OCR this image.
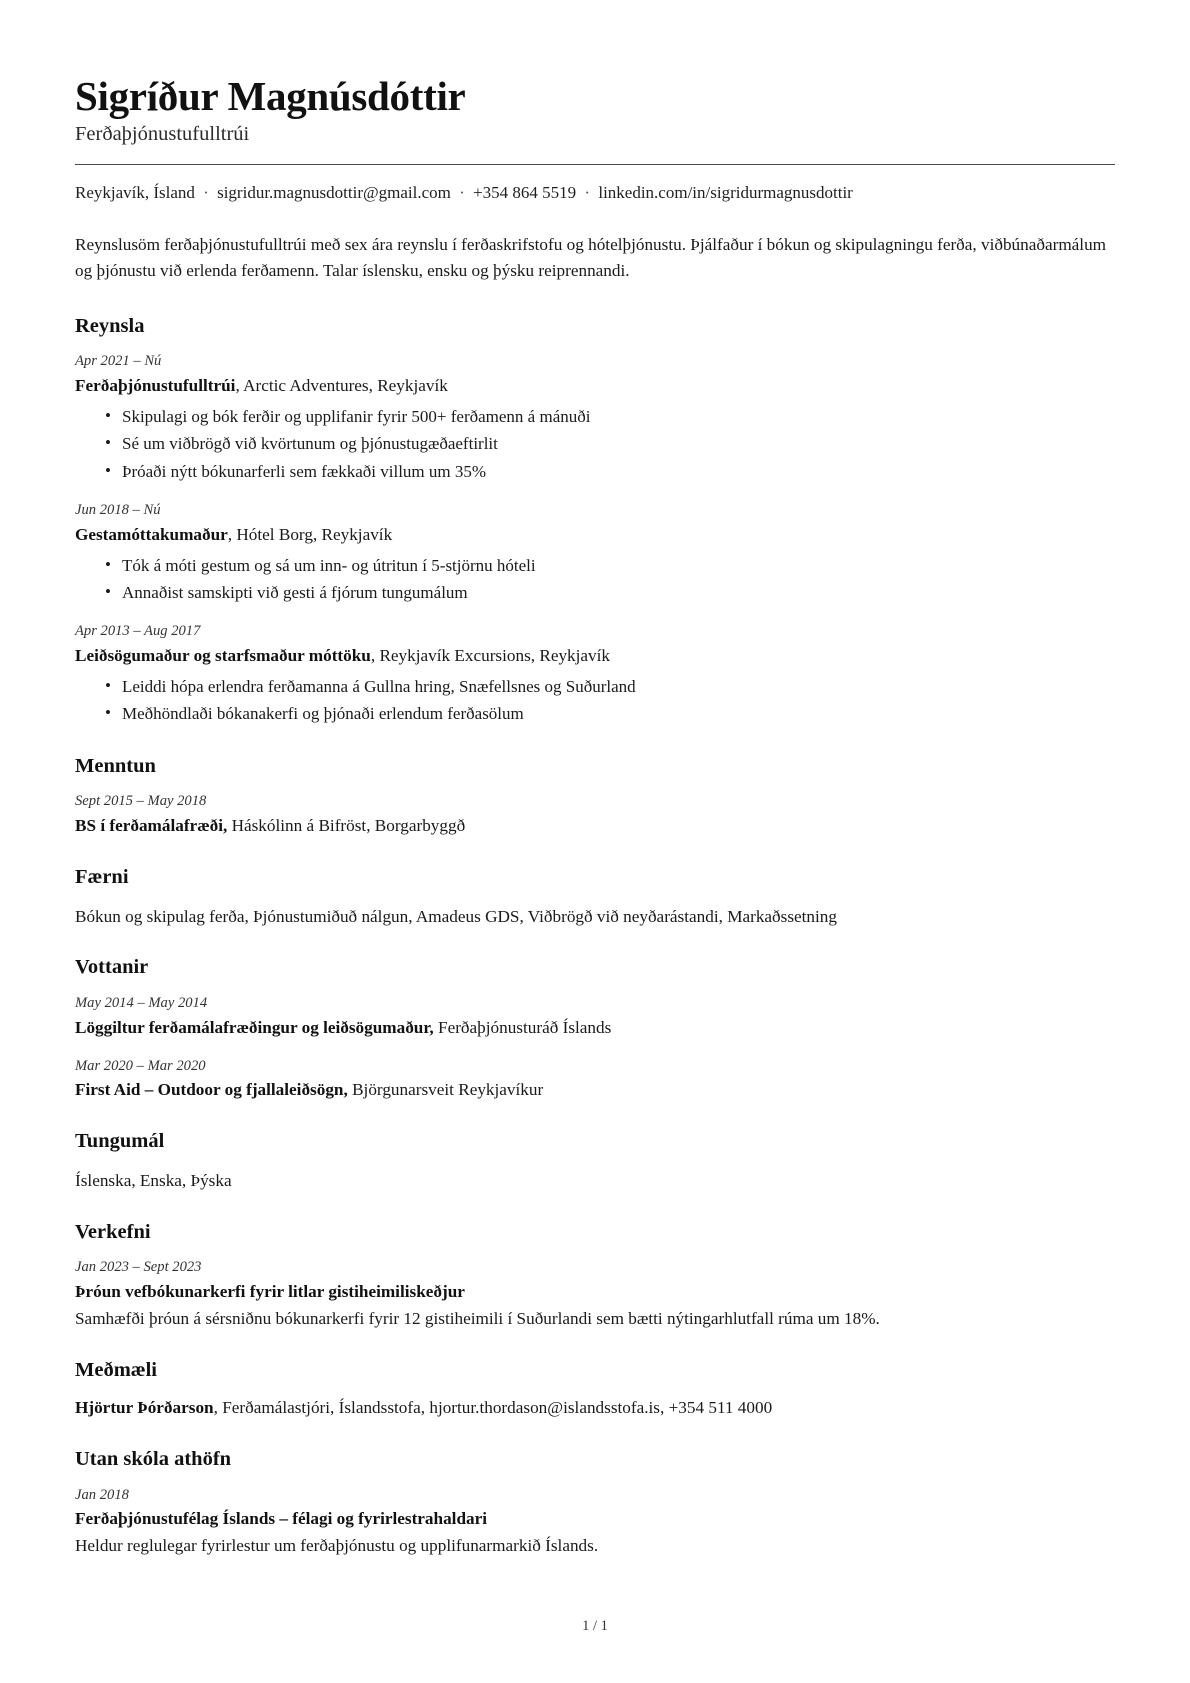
Sigríður Magnúsdóttir
Ferðaþjónustufulltrúi
Reykjavík, Ísland · sigridur.magnusdottir@gmail.com · +354 864 5519 · linkedin.com/in/sigridurmagnusdottir

Reynslusöm ferðaþjónustufulltrúi með sex ára reynslu í ferðaskrifstofu og hótelþjónustu. Þjálfaður í bókun og skipulagningu ferða, viðbúnaðarmálum og þjónustu við erlenda ferðamenn. Talar íslensku, ensku og þýsku reiprennandi.

Reynsla
Apr 2021 – Nú
Ferðaþjónustufulltrúi, Arctic Adventures, Reykjavík
• Skipulagi og bók ferðir og upplifanir fyrir 500+ ferðamenn á mánuði
• Sé um viðbrögð við kvörtunum og þjónustugæðaeftirlit
• Þróaði nýtt bókunarferli sem fækkaði villum um 35%
Jun 2018 – Nú
Gestamóttakumaður, Hótel Borg, Reykjavík
• Tók á móti gestum og sá um inn- og útritun í 5-stjörnu hóteli
• Annaðist samskipti við gesti á fjórum tungumálum
Apr 2013 – Aug 2017
Leiðsögumaður og starfsmaður móttöku, Reykjavík Excursions, Reykjavík
• Leiddi hópa erlendra ferðamanna á Gullna hring, Snæfellsnes og Suðurland
• Meðhöndlaði bókanakerfi og þjónaði erlendum ferðasölum
Menntun
Sept 2015 – May 2018
BS í ferðamálafræði, Háskólinn á Bifröst, Borgarbyggð
Færni
Bókun og skipulag ferða, Þjónustumiðuð nálgun, Amadeus GDS, Viðbrögð við neyðarástandi, Markaðssetning
Vottanir
May 2014 – May 2014
Löggiltur ferðamálafræðingur og leiðsögumaður, Ferðaþjónusturáð Íslands
Mar 2020 – Mar 2020
First Aid – Outdoor og fjallaleiðsögn, Björgunarsveit Reykjavíkur
Tungumál
Íslenska, Enska, Þýska
Verkefni
Jan 2023 – Sept 2023
Þróun vefbókunarkerfi fyrir litlar gistiheimiliskeðjur
Samhæfði þróun á sérsniðnu bókunarkerfi fyrir 12 gistiheimili í Suðurlandi sem bætti nýtingarhlutfall rúma um 18%.
Meðmæli
Hjörtur Þórðarson, Ferðamálastjóri, Íslandsstofa, hjortur.thordason@islandsstofa.is, +354 511 4000
Utan skóla athöfn
Jan 2018
Ferðaþjónustufélag Íslands – félagi og fyrirlestrahaldari
Heldur reglulegar fyrirlestur um ferðaþjónustu og upplifunarmarkið Íslands.
1 / 1
